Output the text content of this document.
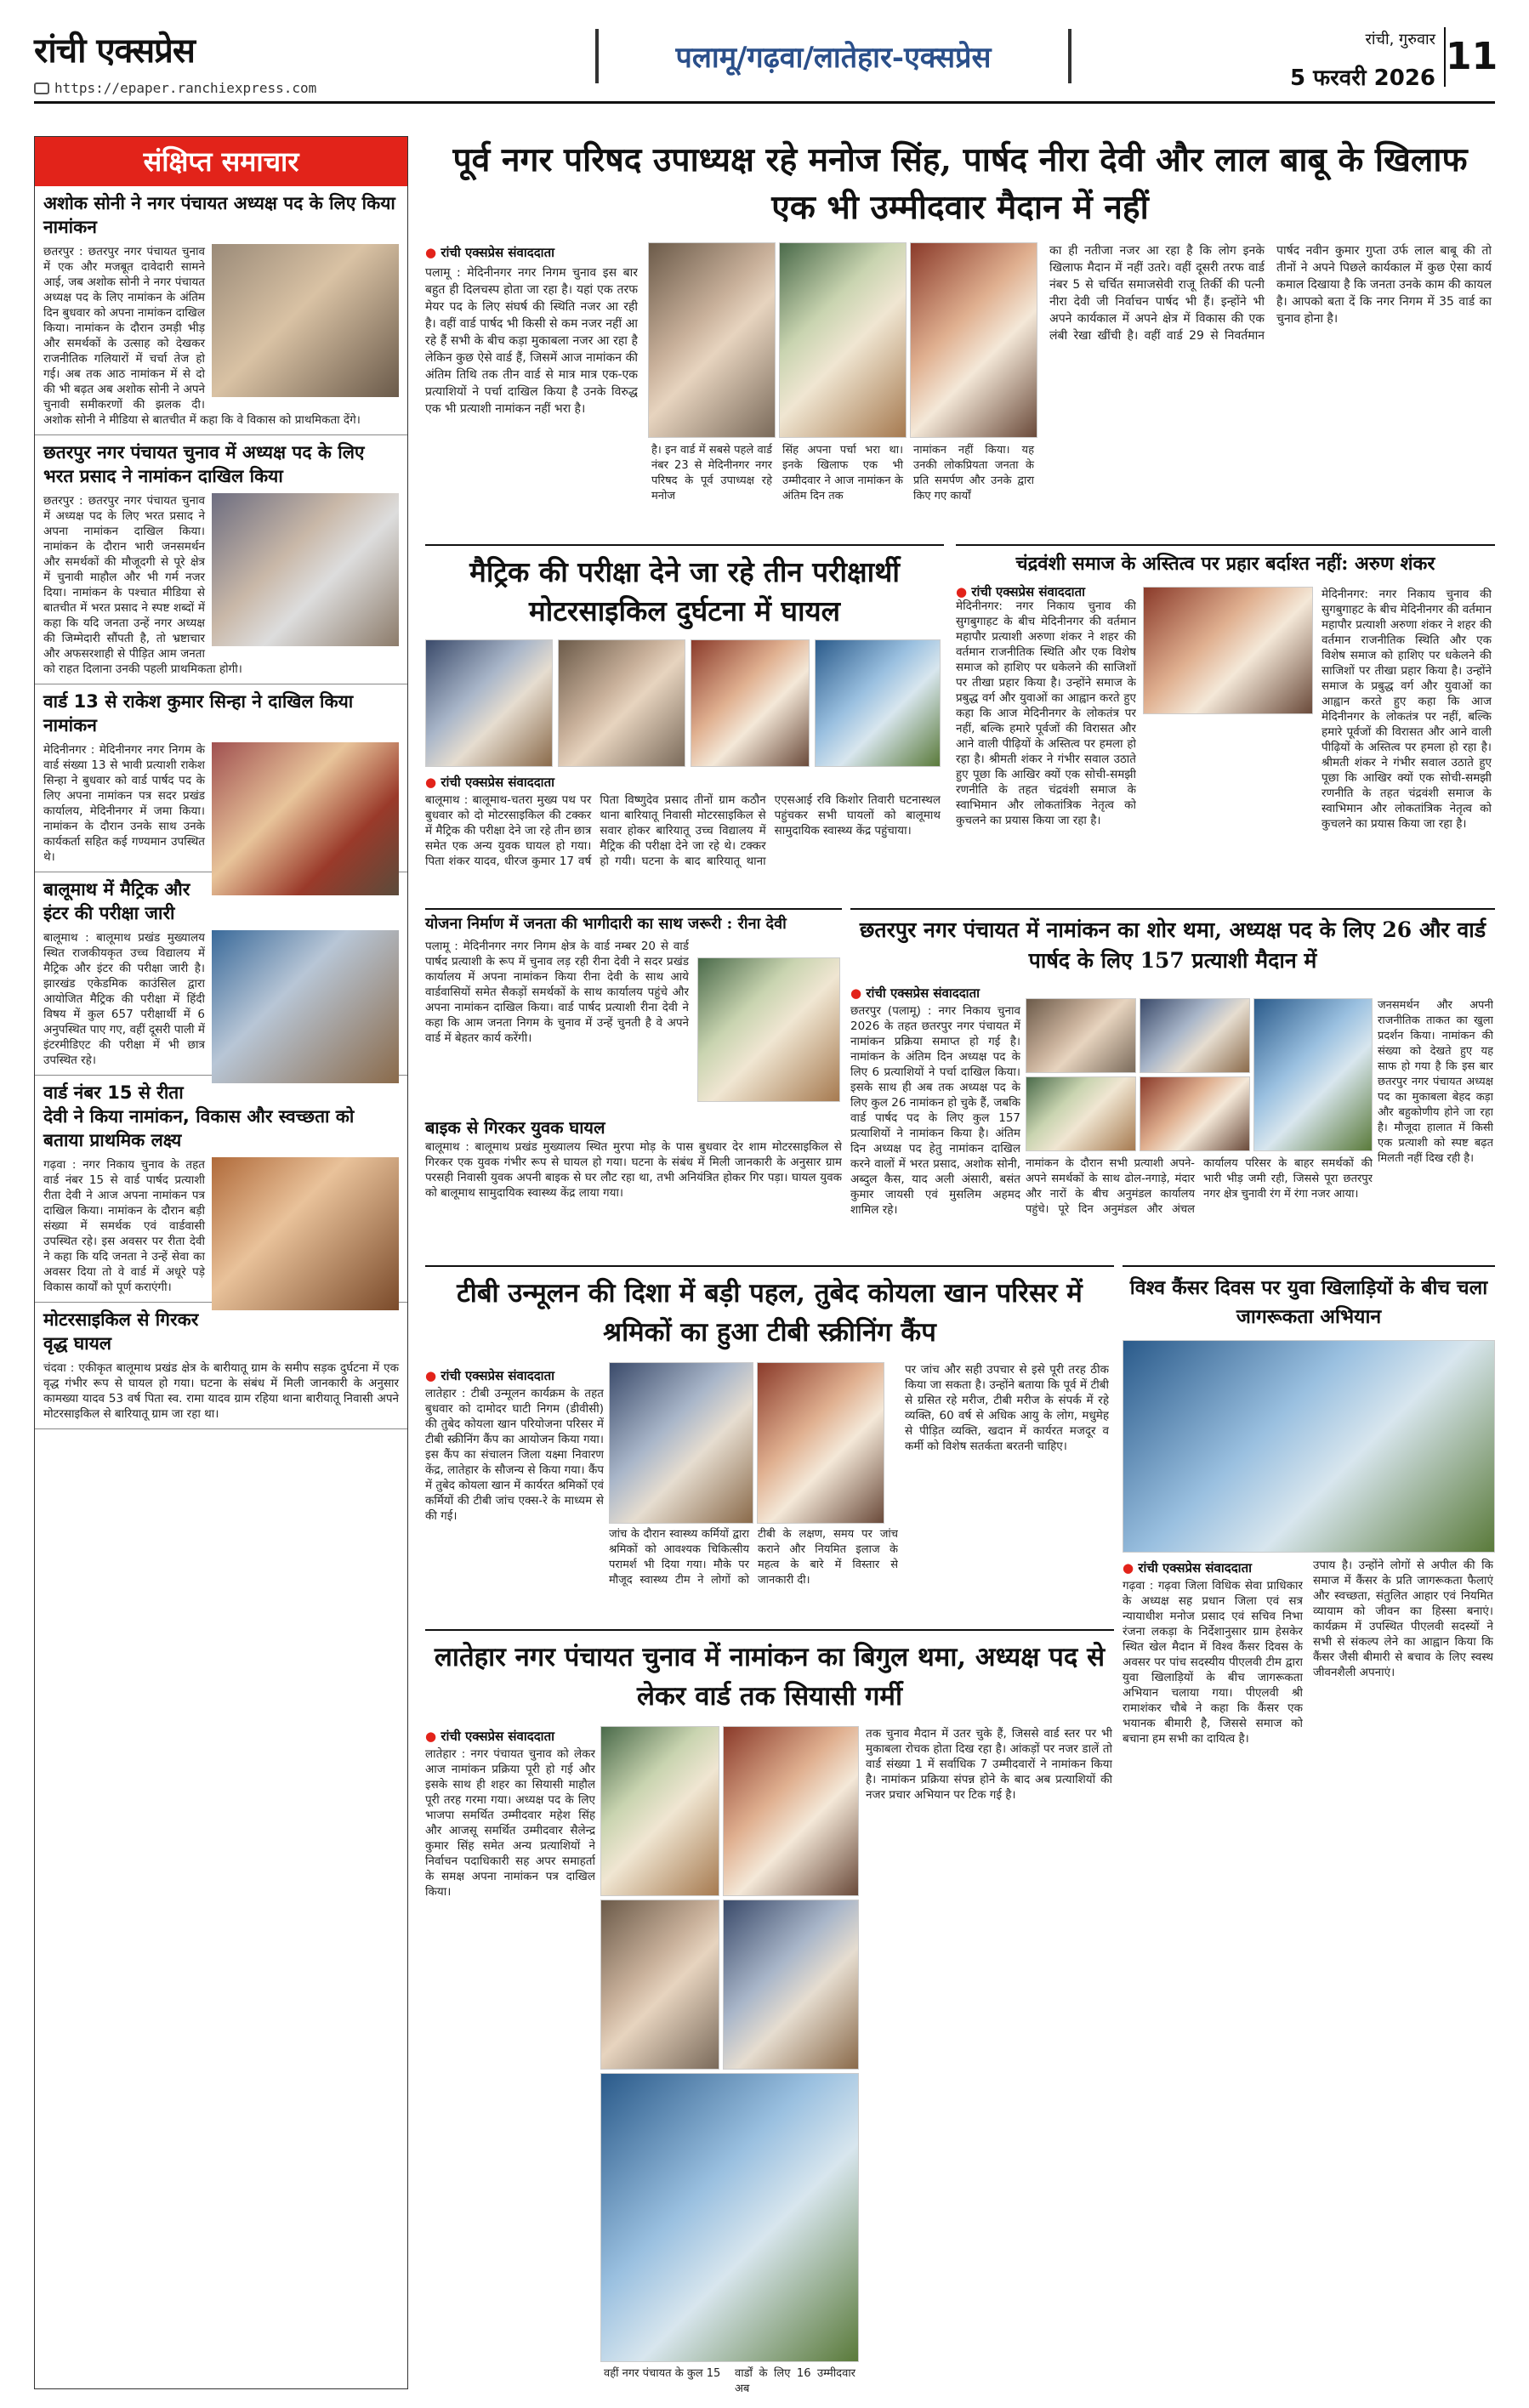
रांची एक्सप्रेस
https://epaper.ranchiexpress.com
पलामू/गढ़वा/लातेहार-एक्सप्रेस
रांची, गुरुवार
5 फरवरी 2026 11
संक्षिप्त समाचार
अशोक सोनी ने नगर पंचायत अध्यक्ष पद के लिए किया नामांकन

छतरपुर : छतरपुर नगर पंचायत चुनाव में एक और मजबूत दावेदारी सामने आई, जब अशोक सोनी ने नगर पंचायत अध्यक्ष पद के लिए नामांकन के अंतिम दिन बुधवार को अपना नामांकन दाखिल किया। नामांकन के दौरान उमड़ी भीड़ और समर्थकों के उत्साह को देखकर राजनीतिक गलियारों में चर्चा तेज हो गई। अब तक आठ नामांकन में से दो की भी बढ़त अब अशोक सोनी ने अपने चुनावी समीकरणों की झलक दी। अशोक सोनी ने मीडिया से बातचीत में कहा कि वे विकास को प्राथमिकता देंगे।

छतरपुर नगर पंचायत चुनाव में अध्यक्ष पद के लिए भरत प्रसाद ने नामांकन दाखिल किया

छतरपुर : छतरपुर नगर पंचायत चुनाव में अध्यक्ष पद के लिए भरत प्रसाद ने अपना नामांकन दाखिल किया। नामांकन के दौरान भारी जनसमर्थन और समर्थकों की मौजूदगी से पूरे क्षेत्र में चुनावी माहौल और भी गर्म नजर दिया। नामांकन के पश्चात मीडिया से बातचीत में भरत प्रसाद ने स्पष्ट शब्दों में कहा कि यदि जनता उन्हें नगर अध्यक्ष की जिम्मेदारी सौंपती है, तो भ्रष्टाचार और अफसरशाही से पीड़ित आम जनता को राहत दिलाना उनकी पहली प्राथमिकता होगी।

वार्ड 13 से राकेश कुमार सिन्हा ने दाखिल किया नामांकन

मेदिनीनगर : मेदिनीनगर नगर निगम के वार्ड संख्या 13 से भावी प्रत्याशी राकेश सिन्हा ने बुधवार को वार्ड पार्षद पद के लिए अपना नामांकन पत्र सदर प्रखंड कार्यालय, मेदिनीनगर में जमा किया। नामांकन के दौरान उनके साथ उनके कार्यकर्ता सहित कई गण्यमान उपस्थित थे।

बालूमाथ में मैट्रिक और इंटर की परीक्षा जारी

बालूमाथ : बालूमाथ प्रखंड मुख्यालय स्थित राजकीयकृत उच्च विद्यालय में मैट्रिक और इंटर की परीक्षा जारी है। झारखंड एकेडमिक काउंसिल द्वारा आयोजित मैट्रिक की परीक्षा में हिंदी विषय में कुल 657 परीक्षार्थी में 6 अनुपस्थित पाए गए, वहीं दूसरी पाली में इंटरमीडिएट की परीक्षा में भी छात्र उपस्थित रहे।

वार्ड नंबर 15 से रीता देवी ने किया नामांकन, विकास और स्वच्छता को बताया प्राथमिक लक्ष्य

गढ़वा : नगर निकाय चुनाव के तहत वार्ड नंबर 15 से वार्ड पार्षद प्रत्याशी रीता देवी ने आज अपना नामांकन पत्र दाखिल किया। नामांकन के दौरान बड़ी संख्या में समर्थक एवं वार्डवासी उपस्थित रहे। इस अवसर पर रीता देवी ने कहा कि यदि जनता ने उन्हें सेवा का अवसर दिया तो वे वार्ड में अधूरे पड़े विकास कार्यों को पूर्ण कराएंगी।

मोटरसाइकिल से गिरकर वृद्ध घायल

चंदवा : एकीकृत बालूमाथ प्रखंड क्षेत्र के बारीयातू ग्राम के समीप सड़क दुर्घटना में एक वृद्ध गंभीर रूप से घायल हो गया। घटना के संबंध में मिली जानकारी के अनुसार कामख्या यादव 53 वर्ष पिता स्व. रामा यादव ग्राम रहिया थाना बारीयातू निवासी अपने मोटरसाइकिल से बारियातू ग्राम जा रहा था।

पूर्व नगर परिषद उपाध्यक्ष रहे मनोज सिंह, पार्षद नीरा देवी और लाल बाबू के खिलाफ एक भी उम्मीदवार मैदान में नहीं
● रांची एक्सप्रेस संवाददाता
पलामू : मेदिनीनगर नगर निगम चुनाव इस बार बहुत ही दिलचस्प होता जा रहा है। यहां एक तरफ मेयर पद के लिए संघर्ष की स्थिति नजर आ रही है। वहीं वार्ड पार्षद भी किसी से कम नजर नहीं आ रहे हैं सभी के बीच कड़ा मुकाबला नजर आ रहा है लेकिन कुछ ऐसे वार्ड हैं, जिसमें आज नामांकन की अंतिम तिथि तक तीन वार्ड से मात्र मात्र एक-एक प्रत्याशियों ने पर्चा दाखिल किया है उनके विरुद्ध एक भी प्रत्याशी नामांकन नहीं भरा है।
है। इन वार्ड में सबसे पहले वार्ड नंबर 23 से मेदिनीनगर नगर परिषद के पूर्व उपाध्यक्ष रहे मनोज
सिंह अपना पर्चा भरा था। इनके खिलाफ एक भी उम्मीदवार ने आज नामांकन के अंतिम दिन तक
नामांकन नहीं किया। यह उनकी लोकप्रियता जनता के प्रति समर्पण और उनके द्वारा किए गए कार्यों
का ही नतीजा नजर आ रहा है कि लोग इनके खिलाफ मैदान में नहीं उतरे। वहीं दूसरी तरफ वार्ड नंबर 5 से चर्चित समाजसेवी राजू तिर्की की पत्नी नीरा देवी जी निर्वाचन पार्षद भी हैं। इन्होंने भी अपने कार्यकाल में अपने क्षेत्र में विकास की एक लंबी रेखा खींची है। वहीं वार्ड 29 से निवर्तमान पार्षद नवीन कुमार गुप्ता उर्फ लाल बाबू की तो तीनों ने अपने पिछले कार्यकाल में कुछ ऐसा कार्य कमाल दिखाया है कि जनता उनके काम की कायल है। आपको बता दें कि नगर निगम में 35 वार्ड का चुनाव होना है।
मैट्रिक की परीक्षा देने जा रहे तीन परीक्षार्थी मोटरसाइकिल दुर्घटना में घायल
● रांची एक्सप्रेस संवाददाता
बालूमाथ : बालूमाथ-चतरा मुख्य पथ पर बुधवार को दो मोटरसाइकिल की टक्कर में मैट्रिक की परीक्षा देने जा रहे तीन छात्र समेत एक अन्य युवक घायल हो गया। पिता शंकर यादव, धीरज कुमार 17 वर्ष पिता विष्णुदेव प्रसाद तीनों ग्राम कठौन थाना बारियातू निवासी मोटरसाइकिल से सवार होकर बारियातू उच्च विद्यालय में मैट्रिक की परीक्षा देने जा रहे थे। टक्कर हो गयी। घटना के बाद बारियातू थाना एएसआई रवि किशोर तिवारी घटनास्थल पहुंचकर सभी घायलों को बालूमाथ सामुदायिक स्वास्थ्य केंद्र पहुंचाया।
चंद्रवंशी समाज के अस्तित्व पर प्रहार बर्दाश्त नहीं: अरुण शंकर
● रांची एक्सप्रेस संवाददाता
मेदिनीनगर: नगर निकाय चुनाव की सुगबुगाहट के बीच मेदिनीनगर की वर्तमान महापौर प्रत्याशी अरुणा शंकर ने शहर की वर्तमान राजनीतिक स्थिति और एक विशेष समाज को हाशिए पर धकेलने की साजिशों पर तीखा प्रहार किया है। उन्होंने समाज के प्रबुद्ध वर्ग और युवाओं का आह्वान करते हुए कहा कि आज मेदिनीनगर के लोकतंत्र पर नहीं, बल्कि हमारे पूर्वजों की विरासत और आने वाली पीढ़ियों के अस्तित्व पर हमला हो रहा है। श्रीमती शंकर ने गंभीर सवाल उठाते हुए पूछा कि आखिर क्यों एक सोची-समझी रणनीति के तहत चंद्रवंशी समाज के स्वाभिमान और लोकतांत्रिक नेतृत्व को कुचलने का प्रयास किया जा रहा है।
मेदिनीनगर: नगर निकाय चुनाव की सुगबुगाहट के बीच मेदिनीनगर की वर्तमान महापौर प्रत्याशी अरुणा शंकर ने शहर की वर्तमान राजनीतिक स्थिति और एक विशेष समाज को हाशिए पर धकेलने की साजिशों पर तीखा प्रहार किया है। उन्होंने समाज के प्रबुद्ध वर्ग और युवाओं का आह्वान करते हुए कहा कि आज मेदिनीनगर के लोकतंत्र पर नहीं, बल्कि हमारे पूर्वजों की विरासत और आने वाली पीढ़ियों के अस्तित्व पर हमला हो रहा है। श्रीमती शंकर ने गंभीर सवाल उठाते हुए पूछा कि आखिर क्यों एक सोची-समझी रणनीति के तहत चंद्रवंशी समाज के स्वाभिमान और लोकतांत्रिक नेतृत्व को कुचलने का प्रयास किया जा रहा है।
योजना निर्माण में जनता की भागीदारी का साथ जरूरी : रीना देवी
पलामू : मेदिनीनगर नगर निगम क्षेत्र के वार्ड नम्बर 20 से वार्ड पार्षद प्रत्याशी के रूप में चुनाव लड़ रही रीना देवी ने सदर प्रखंड कार्यालय में अपना नामांकन किया रीना देवी के साथ आये वार्डवासियों समेत सैकड़ों समर्थकों के साथ कार्यालय पहुंचे और अपना नामांकन दाखिल किया। वार्ड पार्षद प्रत्याशी रीना देवी ने कहा कि आम जनता निगम के चुनाव में उन्हें चुनती है वे अपने वार्ड में बेहतर कार्य करेंगी।
बाइक से गिरकर युवक घायल
बालूमाथ : बालूमाथ प्रखंड मुख्यालय स्थित मुरपा मोड़ के पास बुधवार देर शाम मोटरसाइकिल से गिरकर एक युवक गंभीर रूप से घायल हो गया। घटना के संबंध में मिली जानकारी के अनुसार ग्राम परसही निवासी युवक अपनी बाइक से घर लौट रहा था, तभी अनियंत्रित होकर गिर पड़ा। घायल युवक को बालूमाथ सामुदायिक स्वास्थ्य केंद्र लाया गया।
छतरपुर नगर पंचायत में नामांकन का शोर थमा, अध्यक्ष पद के लिए 26 और वार्ड पार्षद के लिए 157 प्रत्याशी मैदान में
● रांची एक्सप्रेस संवाददाता
छतरपुर (पलामू) : नगर निकाय चुनाव 2026 के तहत छतरपुर नगर पंचायत में नामांकन प्रक्रिया समाप्त हो गई है। नामांकन के अंतिम दिन अध्यक्ष पद के लिए 6 प्रत्याशियों ने पर्चा दाखिल किया। इसके साथ ही अब तक अध्यक्ष पद के लिए कुल 26 नामांकन हो चुके हैं, जबकि वार्ड पार्षद पद के लिए कुल 157 प्रत्याशियों ने नामांकन किया है। अंतिम दिन अध्यक्ष पद हेतु नामांकन दाखिल करने वालों में भरत प्रसाद, अशोक सोनी, अब्दुल कैस, याद अली अंसारी, बसंत कुमार जायसी एवं मुसलिम अहमद शामिल रहे।
नामांकन के दौरान सभी प्रत्याशी अपने-अपने समर्थकों के साथ ढोल-नगाड़े, मंदार और नारों के बीच अनुमंडल कार्यालय पहुंचे। पूरे दिन अनुमंडल और अंचल कार्यालय परिसर के बाहर समर्थकों की भारी भीड़ जमी रही, जिससे पूरा छतरपुर नगर क्षेत्र चुनावी रंग में रंगा नजर आया।
जनसमर्थन और अपनी राजनीतिक ताकत का खुला प्रदर्शन किया। नामांकन की संख्या को देखते हुए यह साफ हो गया है कि इस बार छतरपुर नगर पंचायत अध्यक्ष पद का मुकाबला बेहद कड़ा और बहुकोणीय होने जा रहा है। मौजूदा हालात में किसी एक प्रत्याशी को स्पष्ट बढ़त मिलती नहीं दिख रही है।
टीबी उन्मूलन की दिशा में बड़ी पहल, तुबेद कोयला खान परिसर में श्रमिकों का हुआ टीबी स्क्रीनिंग कैंप
● रांची एक्सप्रेस संवाददाता
लातेहार : टीबी उन्मूलन कार्यक्रम के तहत बुधवार को दामोदर घाटी निगम (डीवीसी) की तुबेद कोयला खान परियोजना परिसर में टीबी स्क्रीनिंग कैंप का आयोजन किया गया। इस कैंप का संचालन जिला यक्ष्मा निवारण केंद्र, लातेहार के सौजन्य से किया गया। कैंप में तुबेद कोयला खान में कार्यरत श्रमिकों एवं कर्मियों की टीबी जांच एक्स-रे के माध्यम से की गई।
जांच के दौरान स्वास्थ्य कर्मियों द्वारा श्रमिकों को आवश्यक चिकित्सीय परामर्श भी दिया गया। मौके पर मौजूद स्वास्थ्य टीम ने लोगों को टीबी के लक्षण, समय पर जांच कराने और नियमित इलाज के महत्व के बारे में विस्तार से जानकारी दी।
पर जांच और सही उपचार से इसे पूरी तरह ठीक किया जा सकता है। उन्होंने बताया कि पूर्व में टीबी से ग्रसित रहे मरीज, टीबी मरीज के संपर्क में रहे व्यक्ति, 60 वर्ष से अधिक आयु के लोग, मधुमेह से पीड़ित व्यक्ति, खदान में कार्यरत मजदूर व कर्मी को विशेष सतर्कता बरतनी चाहिए।
विश्व कैंसर दिवस पर युवा खिलाड़ियों के बीच चला जागरूकता अभियान
● रांची एक्सप्रेस संवाददाता
गढ़वा : गढ़वा जिला विधिक सेवा प्राधिकार के अध्यक्ष सह प्रधान जिला एवं सत्र न्यायाधीश मनोज प्रसाद एवं सचिव निभा रंजना लकड़ा के निर्देशानुसार ग्राम हेसकेर स्थित खेल मैदान में विश्व कैंसर दिवस के अवसर पर पांच सदस्यीय पीएलवी टीम द्वारा युवा खिलाड़ियों के बीच जागरूकता अभियान चलाया गया। पीएलवी श्री रामाशंकर चौबे ने कहा कि कैंसर एक भयानक बीमारी है, जिससे समाज को बचाना हम सभी का दायित्व है।
उपाय है। उन्होंने लोगों से अपील की कि समाज में कैंसर के प्रति जागरूकता फैलाएं और स्वच्छता, संतुलित आहार एवं नियमित व्यायाम को जीवन का हिस्सा बनाएं। कार्यक्रम में उपस्थित पीएलवी सदस्यों ने सभी से संकल्प लेने का आह्वान किया कि कैंसर जैसी बीमारी से बचाव के लिए स्वस्थ जीवनशैली अपनाएं।
लातेहार नगर पंचायत चुनाव में नामांकन का बिगुल थमा, अध्यक्ष पद से लेकर वार्ड तक सियासी गर्मी
● रांची एक्सप्रेस संवाददाता
लातेहार : नगर पंचायत चुनाव को लेकर आज नामांकन प्रक्रिया पूरी हो गई और इसके साथ ही शहर का सियासी माहौल पूरी तरह गरमा गया। अध्यक्ष पद के लिए भाजपा समर्थित उम्मीदवार महेश सिंह और आजसू समर्थित उम्मीदवार सैलेन्द्र कुमार सिंह समेत अन्य प्रत्याशियों ने निर्वाचन पदाधिकारी सह अपर समाहर्ता के समक्ष अपना नामांकन पत्र दाखिल किया।
वहीं नगर पंचायत के कुल 15	वार्डों के लिए 16 उम्मीदवार अब
तक चुनाव मैदान में उतर चुके हैं, जिससे वार्ड स्तर पर भी मुकाबला रोचक होता दिख रहा है। आंकड़ों पर नजर डालें तो वार्ड संख्या 1 में सर्वाधिक 7 उम्मीदवारों ने नामांकन किया है। नामांकन प्रक्रिया संपन्न होने के बाद अब प्रत्याशियों की नजर प्रचार अभियान पर टिक गई है।
